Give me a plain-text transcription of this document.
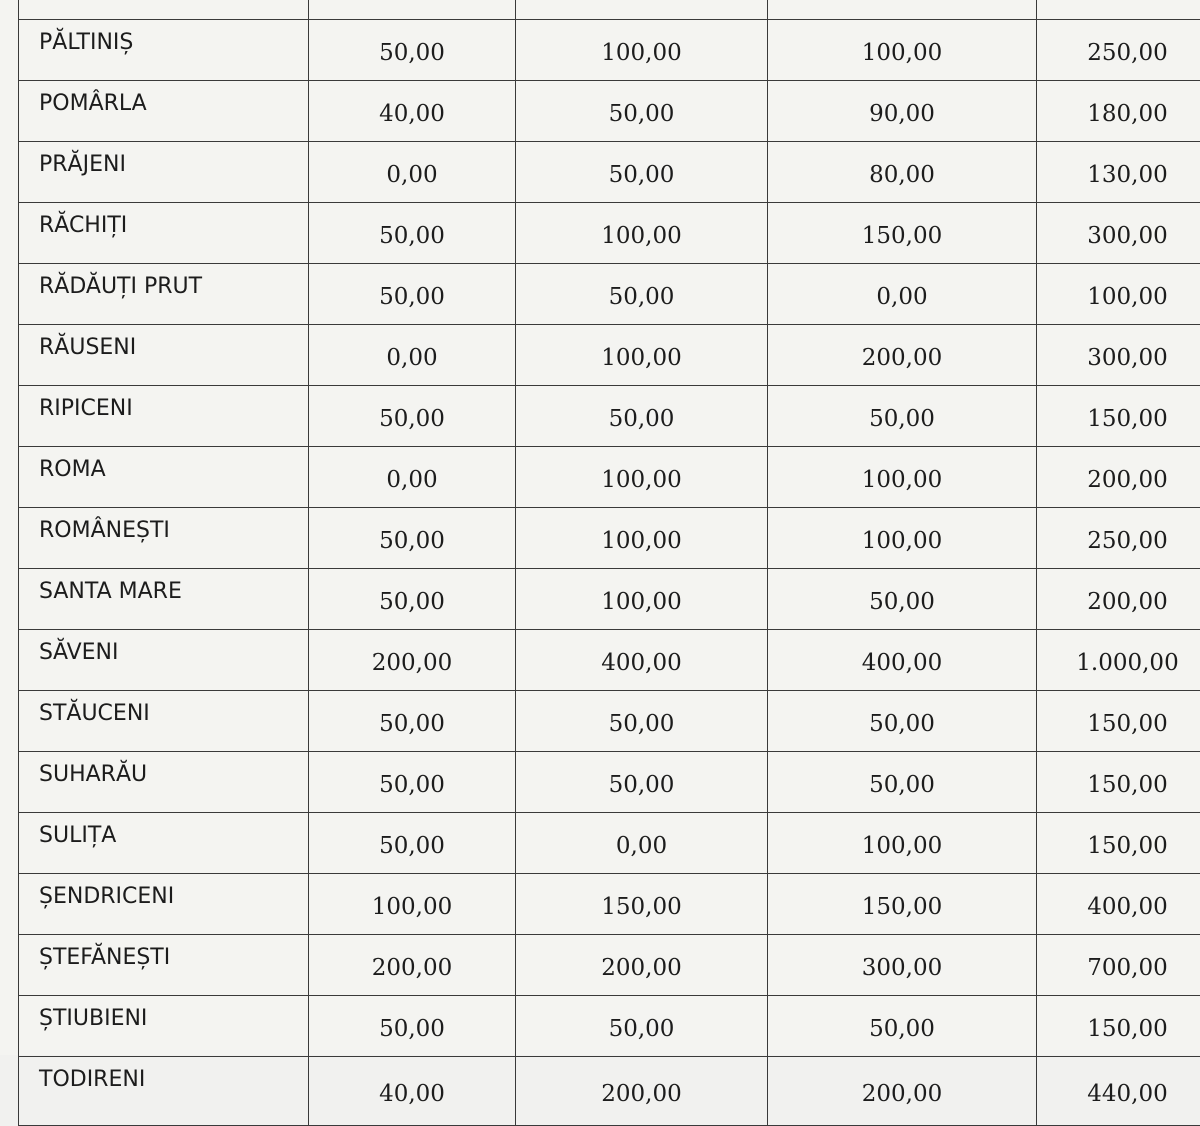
PĂLTINIȘ	50,00	100,00	100,00	250,00
POMÂRLA	40,00	50,00	90,00	180,00
PRĂJENI	0,00	50,00	80,00	130,00
RĂCHIȚI	50,00	100,00	150,00	300,00
RĂDĂUȚI PRUT	50,00	50,00	0,00	100,00
RĂUSENI	0,00	100,00	200,00	300,00
RIPICENI	50,00	50,00	50,00	150,00
ROMA	0,00	100,00	100,00	200,00
ROMÂNEȘTI	50,00	100,00	100,00	250,00
SANTA MARE	50,00	100,00	50,00	200,00
SĂVENI	200,00	400,00	400,00	1.000,00
STĂUCENI	50,00	50,00	50,00	150,00
SUHARĂU	50,00	50,00	50,00	150,00
SULIȚA	50,00	0,00	100,00	150,00
ȘENDRICENI	100,00	150,00	150,00	400,00
ȘTEFĂNEȘTI	200,00	200,00	300,00	700,00
ȘTIUBIENI	50,00	50,00	50,00	150,00
TODIRENI	40,00	200,00	200,00	440,00
